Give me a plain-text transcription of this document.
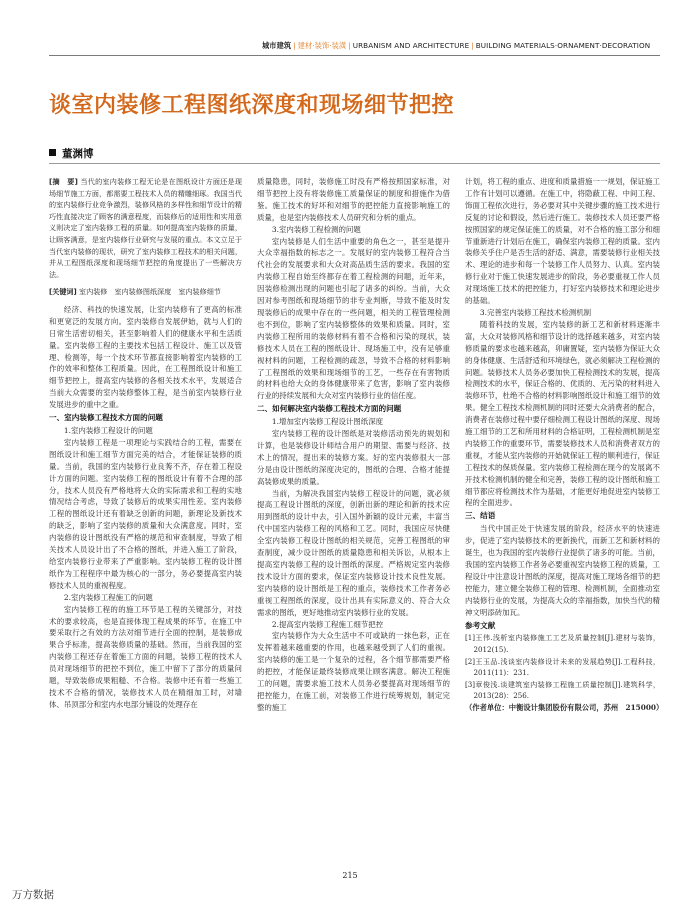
城市建筑 | 建材·装饰·装潢 | URBANISM AND ARCHITECTURE | BUILDING MATERIALS·ORNAMENT·DECORATION
谈室内装修工程图纸深度和现场细节把控
董渊博

[摘　要] 当代的室内装修工程无论是在图纸设计方面还是现场细节施工方面，都需要工程技术人员的精雕细琢。我国当代的室内装修行业竞争激烈，装修风格的多样性和细节设计的精巧性直接决定了顾客的满意程度，而装修后的适用性和实用意义则决定了室内装修工程的质量。如何提高室内装修的质量，让顾客满意，是室内装修行业研究与发展的重点。本文立足于当代室内装修的现状，研究了室内装修工程技术的相关问题，并从工程图纸深度和现场细节把控的角度提出了一些解决方法。

[关键词] 室内装修　室内装修图纸深度　室内装修细节

经济、科技的快速发展，让室内装修有了更高的标准和更宽泛的发展方向。室内装修自发展伊始，就与人们的日常生活密切相关，甚至影响着人们的健康水平和生活质量。室内装修工程的主要技术包括工程设计、施工以及管理、检测等，每一个技术环节都直接影响着室内装修的工作的效率和整体工程质量。因此，在工程图纸设计和施工细节把控上，提高室内装修的各相关技术水平，发展适合当前大众需要的室内装修整体工程，是当前室内装修行业发展进步的重中之重。

一、室内装修工程技术方面的问题

1.室内装修工程设计的问题

室内装修工程是一项理论与实践结合的工程，需要在图纸设计和施工细节方面完美的结合，才能保证装修的质量。当前，我国的室内装修行业良莠不齐，存在着工程设计方面的问题。室内装修工程的图纸设计有着不合理的部分，技术人员没有严格地将大众的实际需求和工程的实地情况结合考虑，导致了装修后的成果实用性差。室内装修工程的图纸设计还有着缺乏创新的问题，新理论及新技术的缺乏，影响了室内装修的质量和大众满意度。同时，室内装修的设计图纸没有严格的规范和审查制度，导致了相关技术人员设计出了不合格的图纸，并进入施工了阶段，给室内装修行业带来了严重影响。室内装修工程的设计图纸作为工程程序中最为核心的一部分，务必要提高室内装修技术人员的重视程度。

2.室内装修工程施工的问题

室内装修工程的的施工环节是工程的关键部分，对技术的要求较高，也是直接体现工程成果的环节。在施工中要采取行之有效的方法对细节进行全面的控制，是装修成果合乎标准，提高装修质量的基础。然而，当前我国的室内装修工程还存在着施工方面的问题，装修工程的技术人员对现场细节的把控不到位，施工中留下了部分的质量问题，导致装修成果粗糙、不合格。装修中还有着一些施工技术不合格的情况，装修技术人员在精细加工时，对墙体、吊顶部分和室内水电部分铺设的处理存在

质量隐患，同时，装修施工时没有严格按照国家标准，对细节把控上没有将装修施工质量保证的制度和措施作为借鉴。施工技术的好坏和对细节的把控能力直接影响施工的质量，也是室内装修技术人员研究和分析的重点。

3.室内装修工程检测的问题

室内装修是人们生活中重要的角色之一，甚至是提升大众幸福指数的标志之一。发展好的室内装修工程符合当代社会的发展要求和大众对高品质生活的要求。我国的室内装修工程自始至终都存在着工程检测的问题，近年来，因装修检测出现的问题也引起了诸多的纠纷。当前，大众因对参考图纸和现场细节的非专业判断，导致不能及时发现装修后的成果中存在的一些问题，相关的工程管理检测也不到位，影响了室内装修整体的效果和质量。同时，室内装修工程所用的装修材料有着不合格和污染的现状，装修技术人员在工程的图纸设计、现场施工中，没有足够重视材料的问题，工程检测的疏忽，导致不合格的材料影响了工程图纸的效果和现场细节的工艺，一些存在有害物质的材料也给大众的身体健康带来了危害，影响了室内装修行业的持续发展和大众对室内装修行业的信任度。

二、如何解决室内装修工程技术方面的问题

1.增加室内装修工程设计图纸深度

室内装修工程的设计图纸是对装修活动预先的规划和计算，也是装修设计师结合用户的期望、需要与经济、技术上的情况，提出来的装修方案。好的室内装修很大一部分是由设计图纸的深度决定的，图纸的合理、合格才能提高装修成果的质量。

当前，为解决我国室内装修工程设计的问题，就必须提高工程设计图纸的深度，创新出新的理论和新的技术应用到图纸的设计中去，引入国外新颖的设计元素，丰富当代中国室内装修工程的风格和工艺。同时，我国应尽快健全室内装修工程设计图纸的相关规范，完善工程图纸的审查制度，减少设计图纸的质量隐患和相关诉讼，从根本上提高室内装修工程的设计图纸的深度。严格规定室内装修技术设计方面的要求，保证室内装修设计技术良性发展。室内装修的设计图纸是工程的重点，装修技术工作者务必重视工程图纸的深度，设计出具有实际意义的、符合大众需求的图纸，更好地推动室内装修行业的发展。

2.提高室内装修工程施工细节把控

室内装修作为大众生活中不可或缺的一抹色彩，正在发挥着越来越重要的作用，也越来越受到了人们的重视。室内装修的施工是一个复杂的过程，各个细节都需要严格的把控，才能保证最终装修成果让顾客满意。解决工程施工的问题，需要求施工技术人员务必要提高对现场细节的把控能力，在施工前，对装修工作进行统筹规划，制定完整的施工

计划，将工程的重点、进度和质量措施一一规划，保证施工工作有计划可以遵循。在施工中，将隐蔽工程、中间工程、饰面工程依次进行，务必要对其中关键步骤的施工技术进行反复的讨论和假设，然后进行施工。装修技术人员还要严格按照国家的规定保证施工的质量，对不合格的施工部分和细节重新进行计划后在施工，确保室内装修工程的质量。室内装修关乎住户是否生活的舒适、满意，需要装修行业相关技术、理论的进步和每一个装修工作人员努力、认真。室内装修行业对于施工快速发展进步的阶段，务必要重视工作人员对现场施工技术的把控能力，打好室内装修技术和理论进步的基础。

3.完善室内装修工程技术检测机制

随着科技的发展，室内装修的新工艺和新材料逐渐丰富，大众对装修风格和细节设计的选择越来越多，对室内装修质量的要求也越来越高，卯庸置疑，室内装修为保证大众的身体健康、生活舒适和环境绿色，就必须解决工程检测的问题。装修技术人员务必要加快工程检测技术的发展，提高检测技术的水平，保证合格的、优质的、无污染的材料进入装修环节，杜绝不合格的材料影响图纸设计和施工细节的效果。健全工程技术检测机制的同时还要大众消费者的配合，消费者在装修过程中要仔细检测工程设计图纸的深度、现场施工细节的工艺和所用材料的合格证明，工程检测机制是室内装修工作的重要环节，需要装修技术人员和消费者双方的重视，才能从室内装修的开始就保证工程的顺利进行，保证工程技术的保质保量。室内装修工程检测在现今的发展离不开技术检测机制的健全和完善，装修工程的设计图纸和施工细节都应将检测技术作为基础，才能更好地促进室内装修工程的全面进步。

三、结语

当代中国正处于快速发展的阶段，经济水平的快速进步，促进了室内装修技术的更新换代，而新工艺和新材料的诞生，也为我国的室内装修行业提供了诸多的可能。当前，我国的室内装修工作者务必要重视室内装修工程的质量，工程设计中注意设计图纸的深度，提高对施工现场各细节的把控能力，建立健全装修工程的管理、检测机制，全面推动室内装修行业的发展，为提高大众的幸福指数，加快当代的精神文明添砖加瓦。

参考文献

[1]王伟.浅析室内装修施工工艺及质量控制[J].建材与装饰，2012(15).

[2]王玉品.浅谈室内装修设计未来的发展趋势[J].工程科技，2011(11)：231.

[3]章俊浅.谈建筑室内装修工程施工质量控制[J].建筑科学，2013(28)：256.

（作者单位：中衡设计集团股份有限公司，苏州　215000）

215
万方数据
